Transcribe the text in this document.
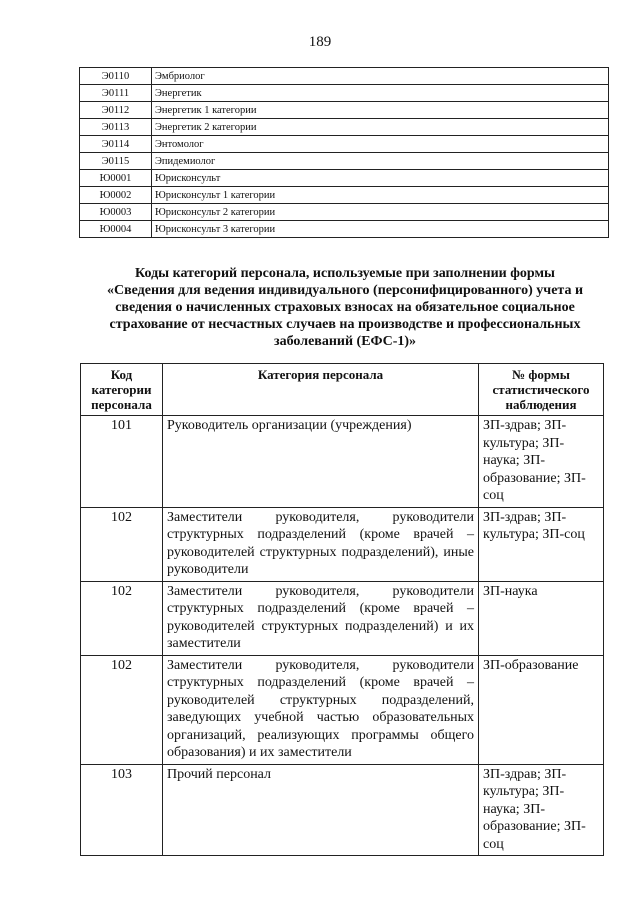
189
Э0110	Эмбриолог
Э0111	Энергетик
Э0112	Энергетик 1 категории
Э0113	Энергетик 2 категории
Э0114	Энтомолог
Э0115	Эпидемиолог
Ю0001	Юрисконсульт
Ю0002	Юрисконсульт 1 категории
Ю0003	Юрисконсульт 2 категории
Ю0004	Юрисконсульт 3 категории
Коды категорий персонала, используемые при заполнении формы
«Сведения для ведения индивидуального (персонифицированного) учета и
сведения о начисленных страховых взносах на обязательное социальное
страхование от несчастных случаев на производстве и профессиональных
заболеваний (ЕФС-1)»
Код категории персонала	Категория персонала	№ формы статистического наблюдения
101	Руководитель организации (учреждения)	ЗП-здрав; ЗП-культура; ЗП-наука; ЗП-образование; ЗП-соц
102	Заместители руководителя, руководители структурных подразделений (кроме врачей – руководителей структурных подразделений), иные руководители	ЗП-здрав; ЗП-культура; ЗП-соц
102	Заместители руководителя, руководители структурных подразделений (кроме врачей – руководителей структурных подразделений) и их заместители	ЗП-наука
102	Заместители руководителя, руководители структурных подразделений (кроме врачей – руководителей структурных подразделений, заведующих учебной частью образовательных организаций, реализующих программы общего образования) и их заместители	ЗП-образование
103	Прочий персонал	ЗП-здрав; ЗП-культура; ЗП-наука; ЗП-образование; ЗП-соц
